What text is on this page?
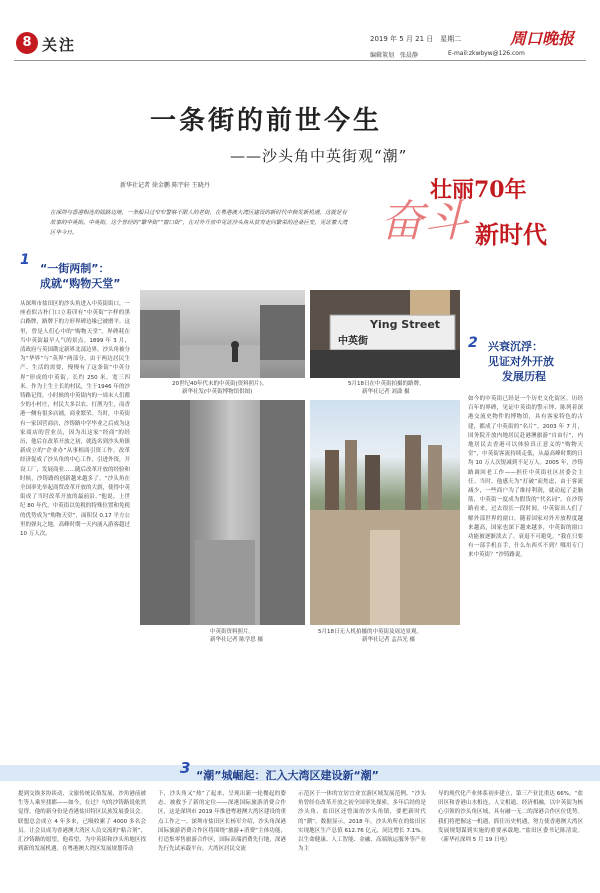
8 关注	2019 年 5 月 21 日　星期二	周口晚报
编辑策划　张晨静	E-mail:zkwbyw@126.com
一条街的前世今生
——沙头角中英街观“潮”
新华社记者 徐金鹏 陈宇轩 王晓丹
在深圳与香港相连的陆路边境，一条船只过窄窄警察不限人的老街，在粤港澳大湾区建设的新时代中焕发新机遇，这就是有故事的中英街。中英街，这个曾经的“繁华街”“窗口街”，在对外开放中见证沙头角从贫穷走向繁荣的沧桑巨变，见证着大湾区华今日。	奋斗
壮丽70年
新时代
1
“一街两制”：
成就“购物天堂”
从深圳市盐田区的沙头角进入中英街街口，一座看似古朴门口立着印有“中英街”字样的黑白路牌，路牌下的方形界碑边缘已被磨平。这里，曾是人们心中的“购物天堂”。界碑耗在当中英街最早人气的景点。1899 年 3 月，清政府与英国勘定新界北部边界，沙头角被分为“华界”与“英界”两部分。由于两边居民生产、生活的需要，慢慢有了这条街“中英分界”形成的中英街，长约 250 米，宽三四米。作为土生土长的村民，生于1946 年的沙铸路记得，小时候的中英街内的一周末人们都少的小村庄，村民大多以农、打渔为生，而香港一侧有很多店铺，商业繁荣。当时，中英街有一家国营商店，沙铸路中学毕业之后成为这家商店的营业员，因为出这家“经商”的经历，他后在改革开放之初，就选名到沙头角镇新成立的“企业办”从事相商引资工作。改革经济促成了沙头角的中心工作，引进外资，开设工厂，发展商业……随后改革开放的经验和时候，沙铸路的创新越来越多了。“沙头角在全国率先举起商贸改革开放的大旗，使得中英街成了当时改革开放的最前沿。”他说。上世纪 80 年代，中英街以免税的特殊位置和免税的优势成为“购物天堂”，面积仅 0.17 平方公里的弹丸之地，高峰时期一天内涌入游客超过 10 万人次。
20世纪40年代末的中英街(资料照片)。
新华社发(中英街博物馆供图)
Ying Street
中英街
5月18日在中英街拍摄的路牌。
新华社记者 刘潇 摄
中英街资料照片。
新华社记者 陈学思 摄
5月18日无人机拍摄的中英街及周边景观。
新华社记者 孟昌光 摄
2 兴衰沉浮：
见证对外开放
发展历程
如今的中英街已经是一个历史文化街区。历经百年的界碑，见证中英街的警示钟、陈列着深港交流史物件的博物馆，具有客家特色的古建，都成了中英街的“名片”。2003 年 7 月，国务院开放内地居民赴港澳旅游“自由行”，内地居民去香港可以体验真正意义的“购物天堂”，中英街客流持续走低，从最高峰时期的日均 10 万人次锐减到不足万人。2005 年，沙铸路调回老工作——担任中英街社区居委会主任。当时，他感天为“打破”而焦虑，由于客流减少，一些商户为了维持利润，就动起了歪脑筋，中英街一度成为假货的“代名词”。在沙铸路看来，过去很长一段时间，中英街出人们了解外部世界的窗口，随着国家对外开放程度越来越高，国家也深下越来越多，中英街的窗口功能被逐渐淡去了。衰退不可避免。“我在只要有一部手机在手，什么东西买不到？哪用专门来中英街？”沙铸路说。
3 “潮”城崛起：汇入大湾区建设新“潮”
提到交换多协谈动，文旅传统民俗发展，沙角港前被生等人乘坐找都——如今，在过？句的沙铸路说依然觉得，他的新身份是香港盐田特区民族发展委员会。联盟总会成立 4 年多来，已吸收累了 4000 多名会员。让会员成为香港澳大湾区人员交流的“粘合剂”，汇沙铸路的愿望。他希望，为中英街和沙头角地区找到新的发展机遇。在粤港澳大湾区发展规划带动
下，沙头角又“热”了起来，呈现出新一轮餐起的姿态。被救予了新的定位——深港国际旅游消费合作区，这是深圳市 2019 年推进粤港澳大湾区建设的重点工作之一。深圳市盐田区长杨军介绍，沙头角深港国际旅游消费合作区将围绕“旅游+消费”主体功能，打造集零售旅游合作区，国际高端消费先行地，深港先行先试承载平台，大湾区居民交流
示范区于一体的宜居宜业宜游区域发展范例。“沙头角曾经在改革开放之初全国率先探索，多年后经的是沙头角、盐田区还曾面的沙头角镇，要把新时代的“潮”。数据显示，2018 年，沙头角所在的盐田区实现地区生产总值 612.76 亿元，同比增长 7.1%。以生命健康、人工智能、金融、高端航运服务等产业为主
导的现代化产业体系初步建立，第三产业比重达 66%。“盐田区和香港山水相连，人文相通，经济相融，以中英街为核心引领的沙头角区域，具有融一无二的深港合作区位优势。我们将把握这一机遇，抓住历史机遇，努力使香港澳大湾区发展规划谋到实施的重要承载地。”盐田区委书记陈清说。（新华社深圳 5 月 19 日电）
